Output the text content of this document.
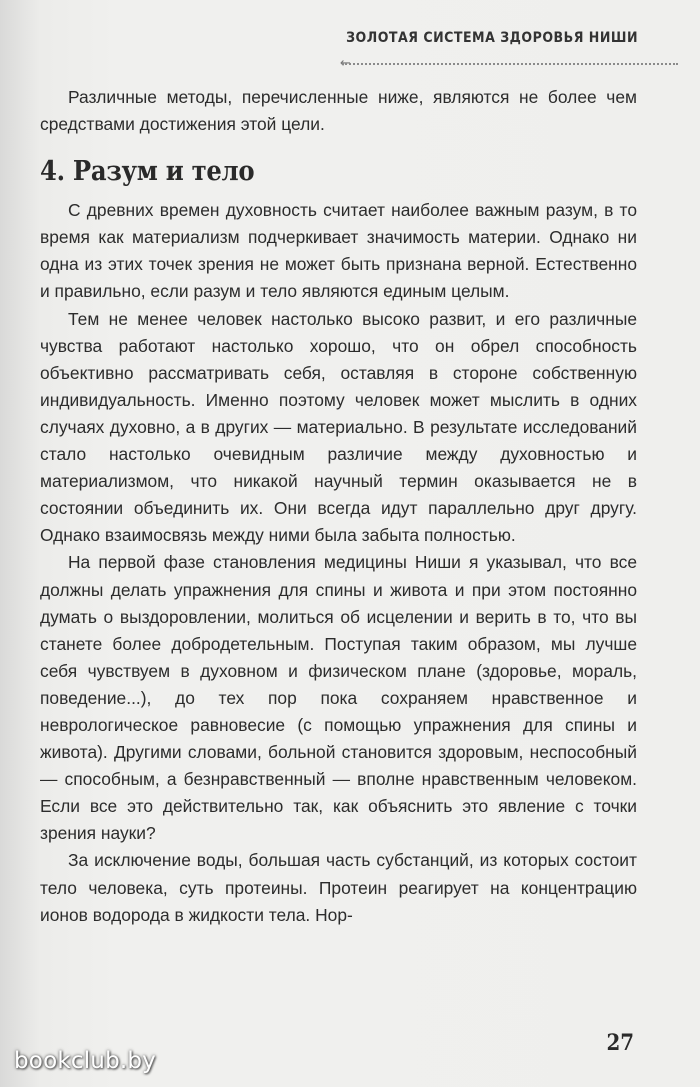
ЗОЛОТАЯ СИСТЕМА ЗДОРОВЬЯ НИШИ
←

Различные методы, перечисленные ниже, являются не более чем средствами достижения этой цели.

4. Разум и тело

С древних времен духовность считает наиболее важным разум, в то время как материализм подчеркивает значимость материи. Однако ни одна из этих точек зрения не может быть признана верной. Естественно и правильно, если разум и тело являются единым целым.

Тем не менее человек настолько высоко развит, и его различные чувства работают настолько хорошо, что он обрел способность объективно рассматривать себя, оставляя в стороне собственную индивидуальность. Именно поэтому человек может мыслить в одних случаях духовно, а в других — материально. В результате исследований стало настолько очевидным различие между духовностью и материализмом, что никакой научный термин оказывается не в состоянии объединить их. Они всегда идут параллельно друг другу. Однако взаимосвязь между ними была забыта полностью.

На первой фазе становления медицины Ниши я указывал, что все должны делать упражнения для спины и живота и при этом постоянно думать о выздоровлении, молиться об исцелении и верить в то, что вы станете более добродетельным. Поступая таким образом, мы лучше себя чувствуем в духовном и физическом плане (здоровье, мораль, поведение...), до тех пор пока сохраняем нравственное и неврологическое равновесие (с помощью упражнения для спины и живота). Другими словами, больной становится здоровым, неспособный — способным, а безнравственный — вполне нравственным человеком. Если все это действительно так, как объяснить это явление с точки зрения науки?

За исключение воды, большая часть субстанций, из которых состоит тело человека, суть протеины. Протеин реагирует на концентрацию ионов водорода в жидкости тела. Нор-

27
bookclub.by
